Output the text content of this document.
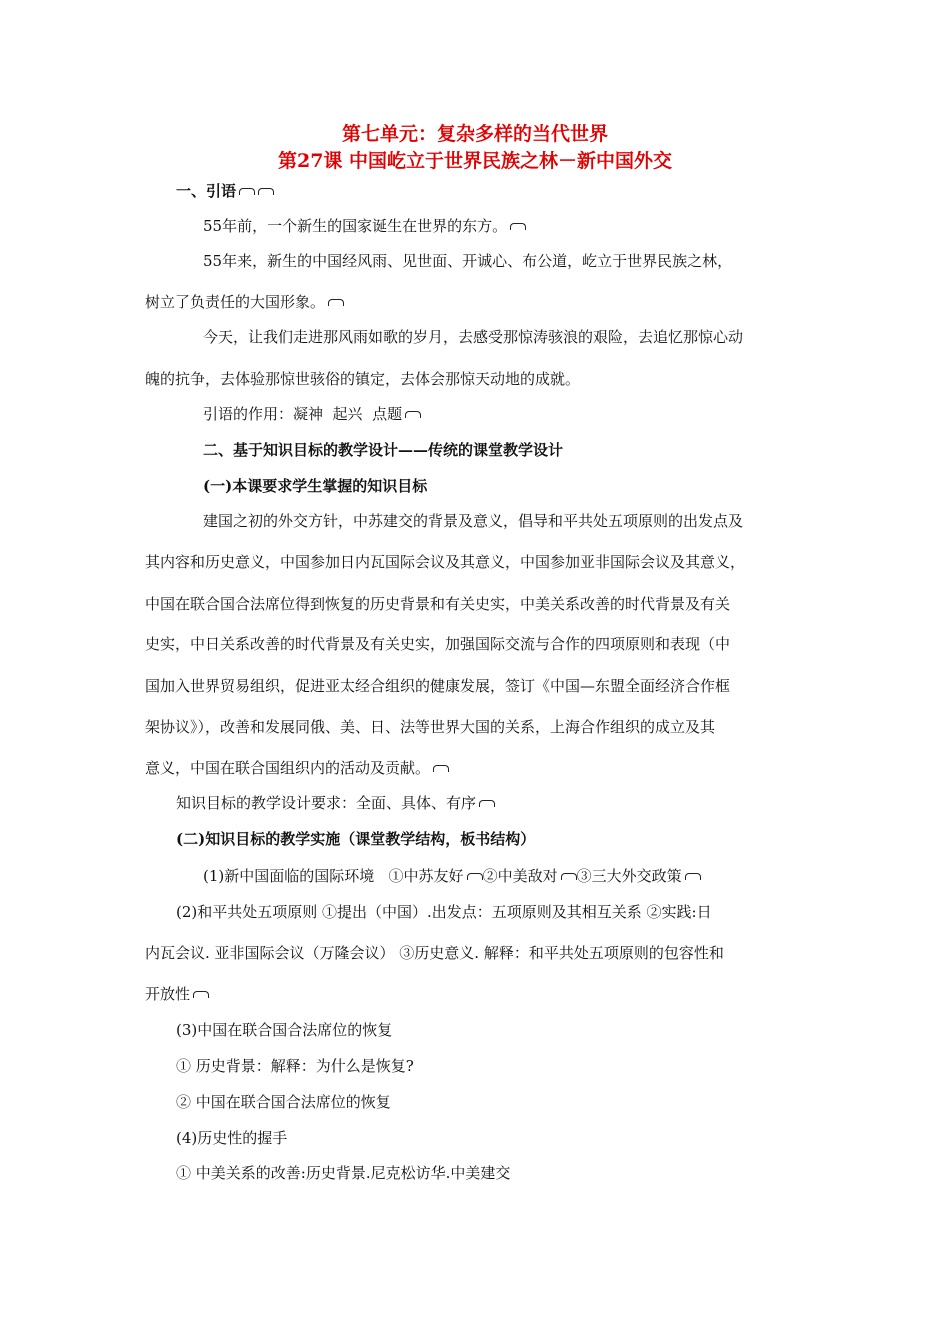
第七单元：复杂多样的当代世界
第27课 中国屹立于世界民族之林－新中国外交
一、引语
55年前，一个新生的国家诞生在世界的东方。
55年来，新生的中国经风雨、见世面、开诚心、布公道，屹立于世界民族之林，
树立了负责任的大国形象。
今天，让我们走进那风雨如歌的岁月，去感受那惊涛骇浪的艰险，去追忆那惊心动
魄的抗争，去体验那惊世骇俗的镇定，去体会那惊天动地的成就。
引语的作用：凝神  起兴  点题
二、基于知识目标的教学设计——传统的课堂教学设计
(一)本课要求学生掌握的知识目标
建国之初的外交方针，中苏建交的背景及意义，倡导和平共处五项原则的出发点及
其内容和历史意义，中国参加日内瓦国际会议及其意义，中国参加亚非国际会议及其意义，
中国在联合国合法席位得到恢复的历史背景和有关史实，中美关系改善的时代背景及有关
史实，中日关系改善的时代背景及有关史实，加强国际交流与合作的四项原则和表现（中
国加入世界贸易组织，促进亚太经合组织的健康发展，签订《中国—东盟全面经济合作框
架协议》），改善和发展同俄、美、日、法等世界大国的关系，上海合作组织的成立及其
意义，中国在联合国组织内的活动及贡献。
知识目标的教学设计要求：全面、具体、有序
(二)知识目标的教学实施（课堂教学结构，板书结构）
(1)新中国面临的国际环境   ①中苏友好 ②中美敌对 ③三大外交政策
(2)和平共处五项原则 ①提出（中国）.出发点：五项原则及其相互关系 ②实践:日
内瓦会议. 亚非国际会议（万隆会议） ③历史意义. 解释：和平共处五项原则的包容性和
开放性
(3)中国在联合国合法席位的恢复
① 历史背景：解释：为什么是恢复?
② 中国在联合国合法席位的恢复
(4)历史性的握手
① 中美关系的改善:历史背景.尼克松访华.中美建交
